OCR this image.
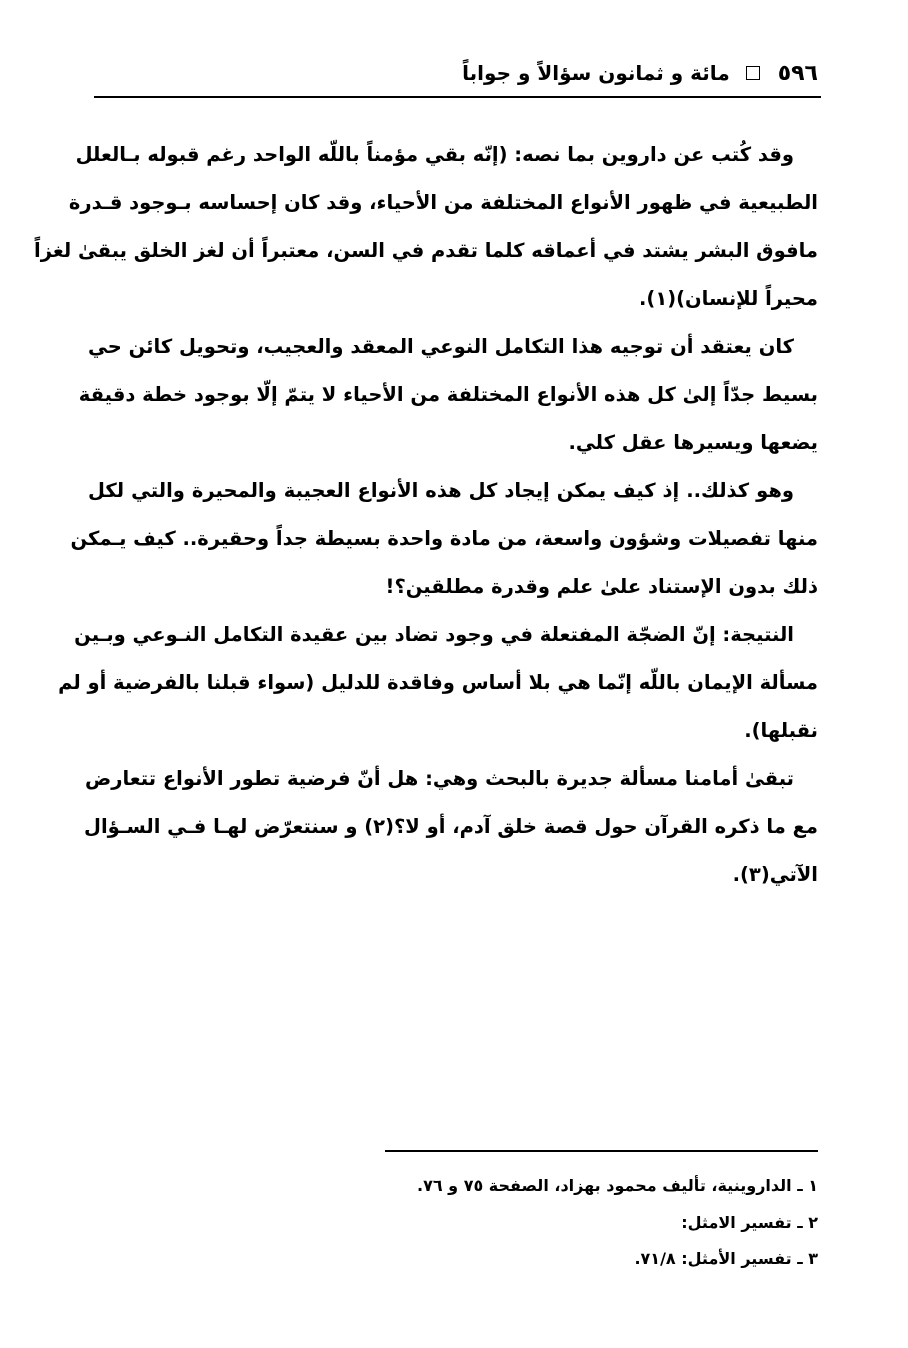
٥٩٦
مائة و ثمانون سؤالاً و جواباً
وقد كُتب عن داروين بما نصه: (إنّه بقي مؤمناً باللّه الواحد رغم قبوله بـالعلل
الطبيعية في ظهور الأنواع المختلفة من الأحياء، وقد كان إحساسه بـوجود قـدرة
مافوق البشر يشتد في أعماقه كلما تقدم في السن، معتبراً أن لغز الخلق يبقىٰ لغزاً
محيراً للإنسان)(١).
كان يعتقد أن توجيه هذا التكامل النوعي المعقد والعجيب، وتحويل كائن حي
بسيط جدّاً إلىٰ كل هذه الأنواع المختلفة من الأحياء لا يتمّ إلّا بوجود خطة دقيقة
يضعها ويسيرها عقل كلي.
وهو كذلك.. إذ كيف يمكن إيجاد كل هذه الأنواع العجيبة والمحيرة والتي لكل
منها تفصيلات وشؤون واسعة، من مادة واحدة بسيطة جداً وحقيرة.. كيف يـمكن
ذلك بدون الإستناد علىٰ علم وقدرة مطلقين؟!
النتيجة: إنّ الضجّة المفتعلة في وجود تضاد بين عقيدة التكامل النـوعي وبـين
مسألة الإيمان باللّه إنّما هي بلا أساس وفاقدة للدليل (سواء قبلنا بالفرضية أو لم
نقبلها).
تبقىٰ أمامنا مسألة جديرة بالبحث وهي: هل أنّ فرضية تطور الأنواع تتعارض
مع ما ذكره القرآن حول قصة خلق آدم، أو لا؟(٢) و سنتعرّض لهـا فـي السـؤال
الآتي(٣).
١ ـ الداروينية، تأليف محمود بهزاد، الصفحة ٧٥ و ٧٦.
٢ ـ تفسير الامثل:
٣ ـ تفسير الأمثل: ٧١/٨.
